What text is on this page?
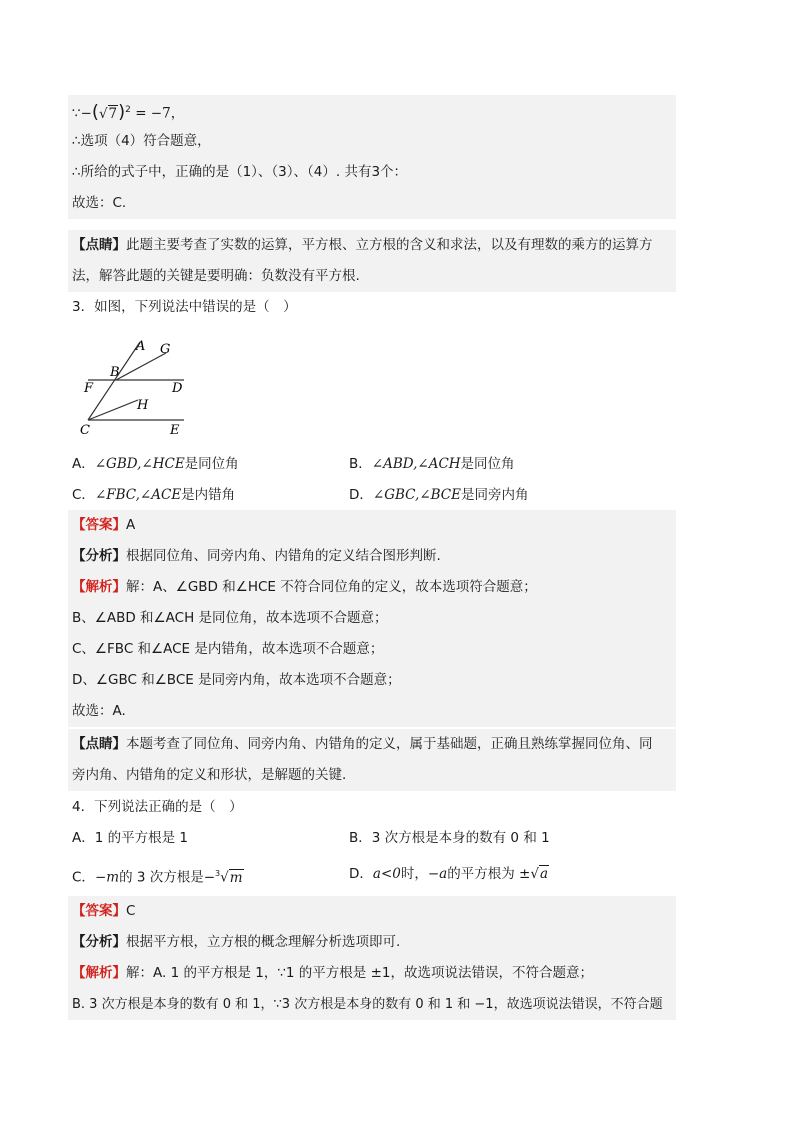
$\because-(√7)^2 = -7$，
∴选项（4）符合题意，
∴所给的式子中，正确的是（1）、（3）、（4）. 共有3个：
故选：C.
【点睛】此题主要考查了实数的运算，平方根、立方根的含义和求法，以及有理数的乘方的运算方
法，解答此题的关键是要明确：负数没有平方根.
3．如图，下列说法中错误的是（　）
A G
B
F	D
H
C	E
A．∠GBD,∠HCE是同位角	B．∠ABD,∠ACH是同位角
C．∠FBC,∠ACE是内错角	D．∠GBC,∠BCE是同旁内角
【答案】A
【分析】根据同位角、同旁内角、内错角的定义结合图形判断.
【解析】解：A、∠GBD 和∠HCE 不符合同位角的定义，故本选项符合题意；
B、∠ABD 和∠ACH 是同位角，故本选项不合题意；
C、∠FBC 和∠ACE 是内错角，故本选项不合题意；
D、∠GBC 和∠BCE 是同旁内角，故本选项不合题意；
故选：A.
【点睛】本题考查了同位角、同旁内角、内错角的定义，属于基础题，正确且熟练掌握同位角、同
旁内角、内错角的定义和形状，是解题的关键.
4．下列说法正确的是（　）
A．1 的平方根是 1	B．3 次方根是本身的数有 0 和 1
C．−m的 3 次方根是−$^3$√m	D．a<0时，−a的平方根为 ±√a
【答案】C
【分析】根据平方根，立方根的概念理解分析选项即可.
【解析】解：A. 1 的平方根是 1，∵1 的平方根是 ±1，故选项说法错误，不符合题意；
B. 3 次方根是本身的数有 0 和 1，∵3 次方根是本身的数有 0 和 1 和 −1，故选项说法错误，不符合题
